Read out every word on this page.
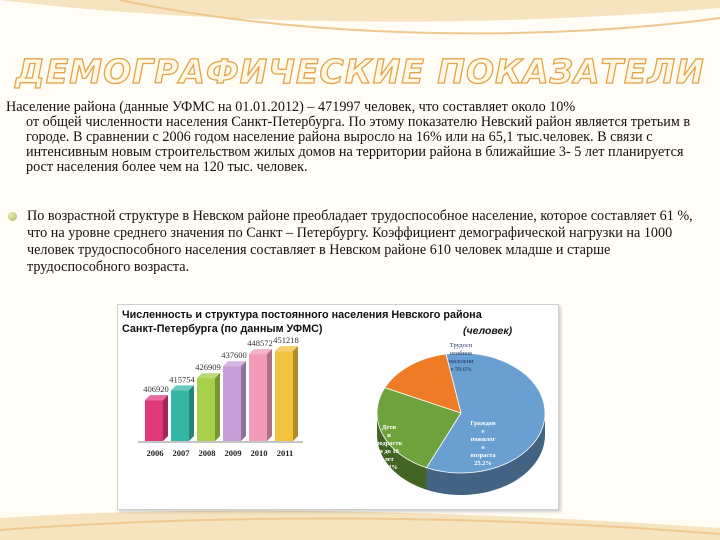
ДЕМОГРАФИЧЕСКИЕ ПОКАЗАТЕЛИ
Население района (данные УФМС на 01.01.2012) – 471997 человек, что составляет около 10%
от общей численности населения Санкт-Петербурга. По этому показателю Невский район является третьим в городе. В сравнении с 2006 годом население района выросло на 16% или на 65,1 тыс.человек. В связи с интенсивным новым строительством жилых домов на территории района в ближайшие 3- 5 лет планируется рост населения более чем на 120 тыс. человек.
По возрастной структуре в Невском районе преобладает трудоспособное население, которое составляет 61 %, что на уровне среднего значения по Санкт – Петербургу. Коэффициент демографической нагрузки на 1000 человек трудоспособного населения составляет в Невском районе 610 человек младше и старше трудоспособного возраста.
Численность и структура постоянного населения Невского района
Санкт-Петербурга (по данным УФМС)	(человек)
406920
2006
415754
2007
426909
2008
437600
2009
448572
2010
451218
2011
Трудосп особное населени е 59.6%
Граждан е пожилог о возраста 25.2%
Дети и подростк и до 18 лет 15.2%
